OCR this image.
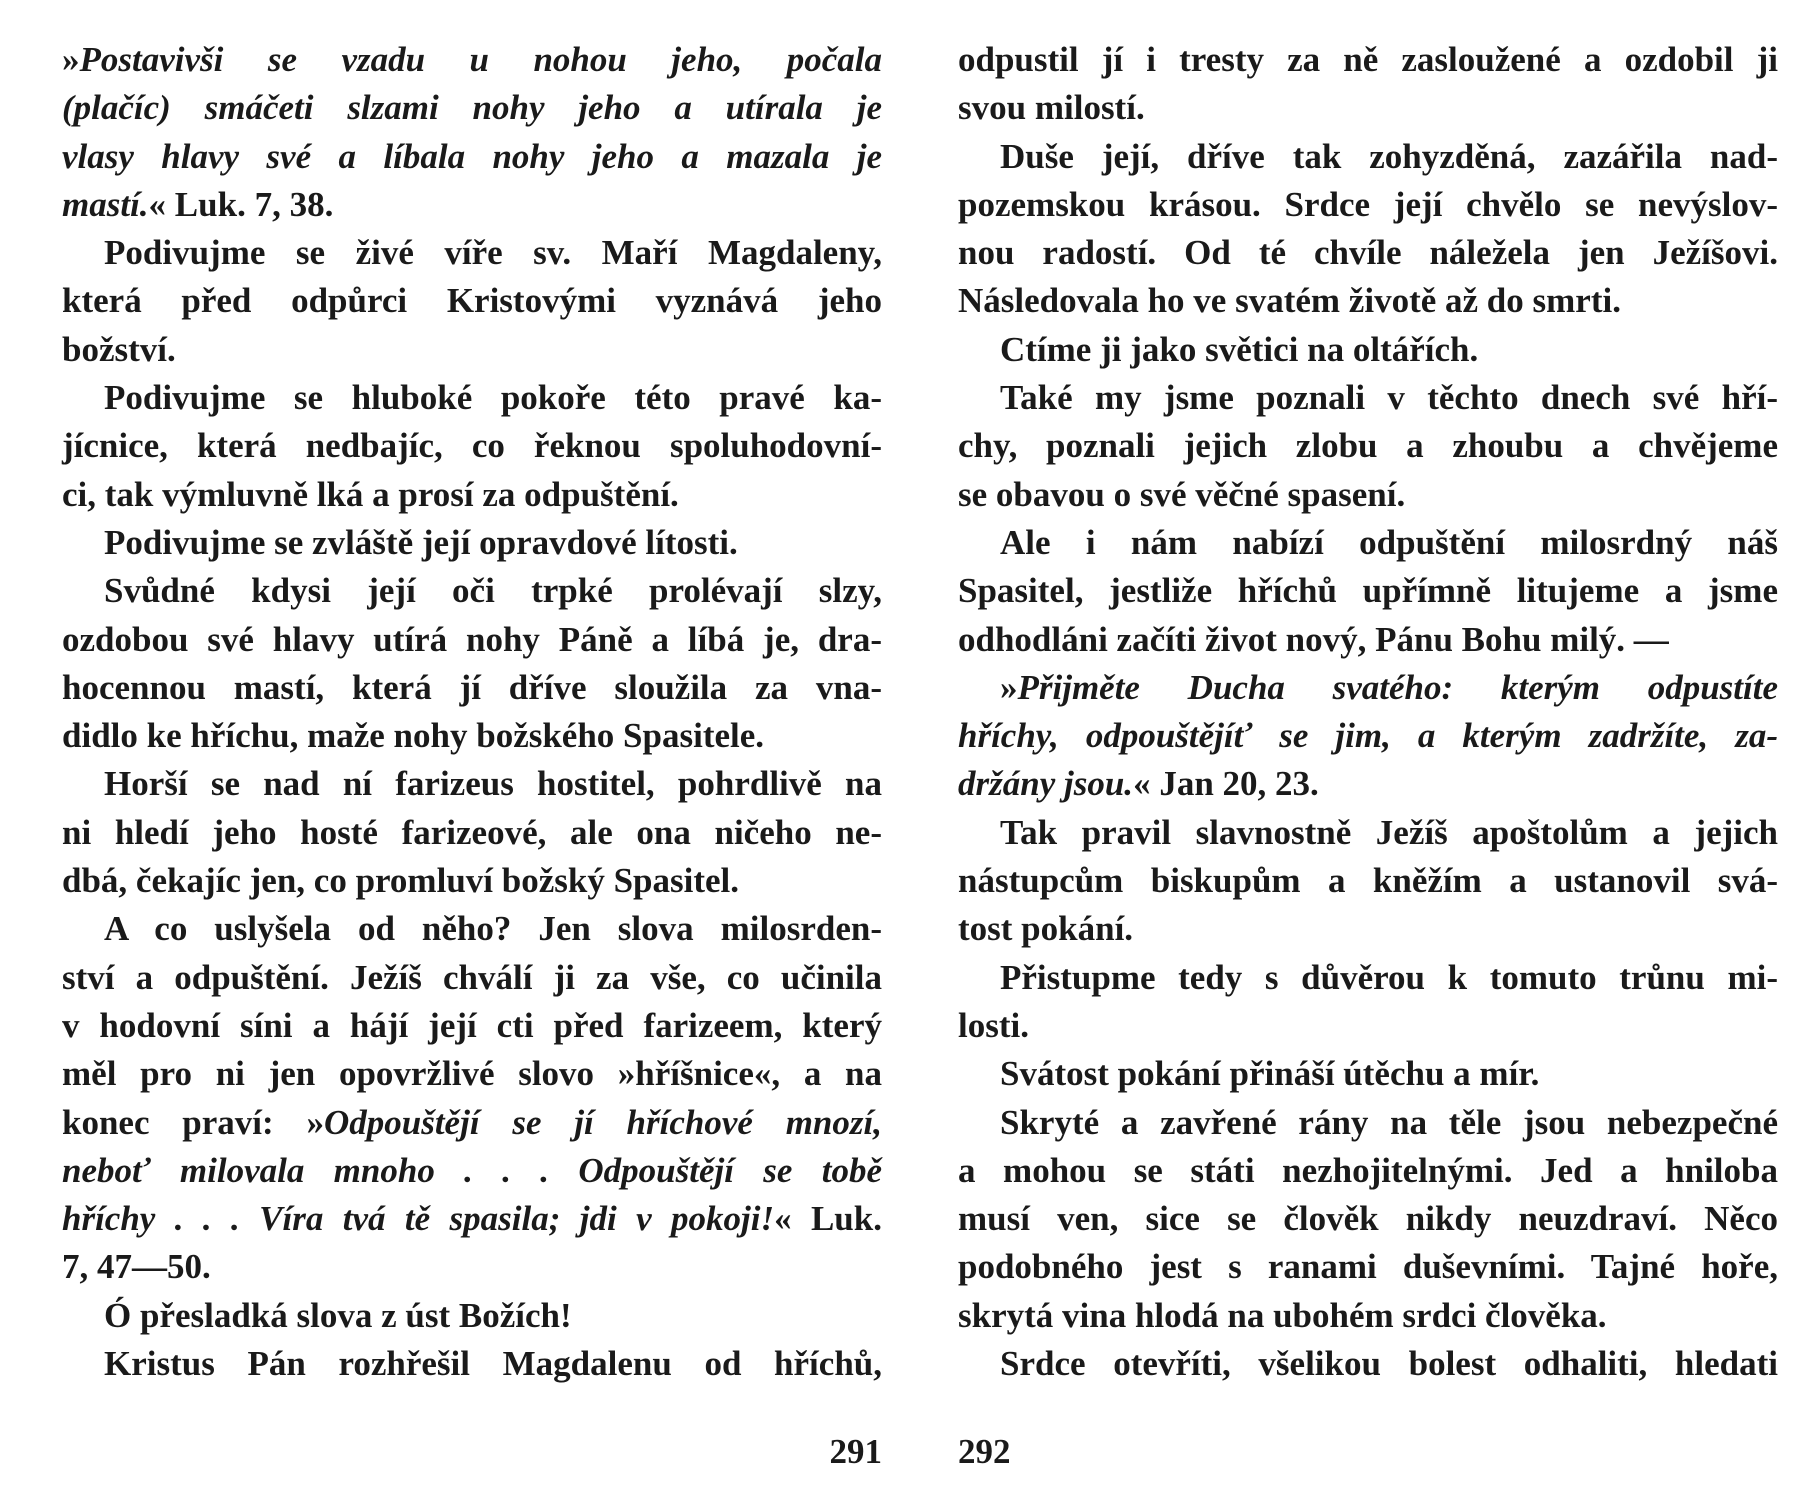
»Postavivši se vzadu u nohou jeho, počala
(plačíc) smáčeti slzami nohy jeho a utírala je
vlasy hlavy své a líbala nohy jeho a mazala je
mastí.« Luk. 7, 38.
Podivujme se živé víře sv. Maří Magdaleny,
která před odpůrci Kristovými vyznává jeho
božství.
Podivujme se hluboké pokoře této pravé ka-
jícnice, která nedbajíc, co řeknou spoluhodovní-
ci, tak výmluvně lká a prosí za odpuštění.
Podivujme se zvláště její opravdové lítosti.
Svůdné kdysi její oči trpké prolévají slzy,
ozdobou své hlavy utírá nohy Páně a líbá je, dra-
hocennou mastí, která jí dříve sloužila za vna-
didlo ke hříchu, maže nohy božského Spasitele.
Horší se nad ní farizeus hostitel, pohrdlivě na
ni hledí jeho hosté farizeové, ale ona ničeho ne-
dbá, čekajíc jen, co promluví božský Spasitel.
A co uslyšela od něho? Jen slova milosrden-
ství a odpuštění. Ježíš chválí ji za vše, co učinila
v hodovní síni a hájí její cti před farizeem, který
měl pro ni jen opovržlivé slovo »hříšnice«, a na
konec praví: »Odpouštějí se jí hříchové mnozí,
neboť milovala mnoho . . . Odpouštějí se tobě
hříchy . . . Víra tvá tě spasila; jdi v pokoji!« Luk.
7, 47—50.
Ó přesladká slova z úst Božích!
Kristus Pán rozhřešil Magdalenu od hříchů,
291
odpustil jí i tresty za ně zasloužené a ozdobil ji
svou milostí.
Duše její, dříve tak zohyzděná, zazářila nad-
pozemskou krásou. Srdce její chvělo se nevýslov-
nou radostí. Od té chvíle náležela jen Ježíšovi.
Následovala ho ve svatém životě až do smrti.
Ctíme ji jako světici na oltářích.
Také my jsme poznali v těchto dnech své hří-
chy, poznali jejich zlobu a zhoubu a chvějeme
se obavou o své věčné spasení.
Ale i nám nabízí odpuštění milosrdný náš
Spasitel, jestliže hříchů upřímně litujeme a jsme
odhodláni začíti život nový, Pánu Bohu milý. —
»Přijměte Ducha svatého: kterým odpustíte
hříchy, odpouštějíť se jim, a kterým zadržíte, za-
držány jsou.« Jan 20, 23.
Tak pravil slavnostně Ježíš apoštolům a jejich
nástupcům biskupům a kněžím a ustanovil svá-
tost pokání.
Přistupme tedy s důvěrou k tomuto trůnu mi-
losti.
Svátost pokání přináší útěchu a mír.
Skryté a zavřené rány na těle jsou nebezpečné
a mohou se státi nezhojitelnými. Jed a hniloba
musí ven, sice se člověk nikdy neuzdraví. Něco
podobného jest s ranami duševními. Tajné hoře,
skrytá vina hlodá na ubohém srdci člověka.
Srdce otevříti, všelikou bolest odhaliti, hledati
292
